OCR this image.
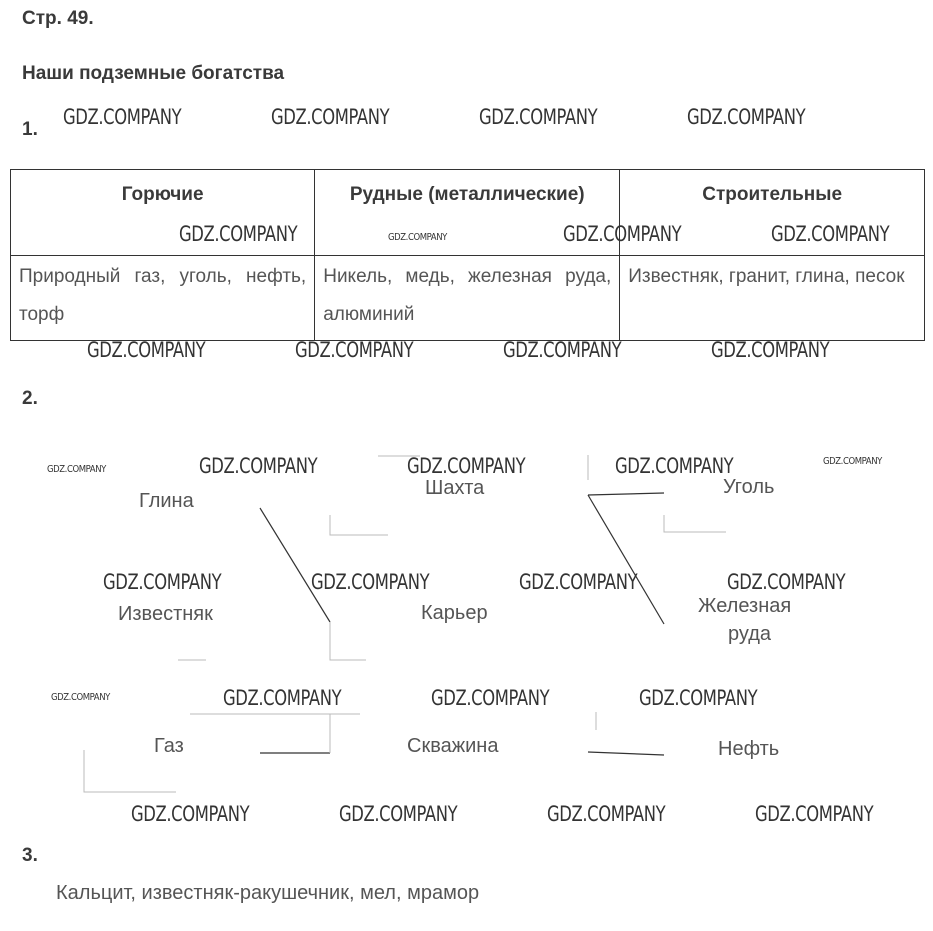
Стр. 49.
Наши подземные богатства
1.
Горючие	Рудные (металлические)	Строительные
Природный газ, уголь, нефть, торф	Никель, медь, железная руда, алюминий	Известняк, гранит, глина, песок
2.
Глина
Шахта	Уголь
Известняк	Карьер	Железная
руда
Газ	Скважина	Нефть
3.
Кальцит, известняк-ракушечник, мел, мрамор
GDZ.COMPANY	GDZ.COMPANY	GDZ.COMPANY	GDZ.COMPANY
GDZ.COMPANY	GDZ.COMPANY	GDZ.COMPANY	GDZ.COMPANY
GDZ.COMPANY	GDZ.COMPANY	GDZ.COMPANY	GDZ.COMPANY
GDZ.COMPANY	GDZ.COMPANY	GDZ.COMPANY	GDZ.COMPANY	GDZ.COMPANY
GDZ.COMPANY	GDZ.COMPANY	GDZ.COMPANY	GDZ.COMPANY
GDZ.COMPANY	GDZ.COMPANY	GDZ.COMPANY	GDZ.COMPANY
GDZ.COMPANY	GDZ.COMPANY	GDZ.COMPANY	GDZ.COMPANY
